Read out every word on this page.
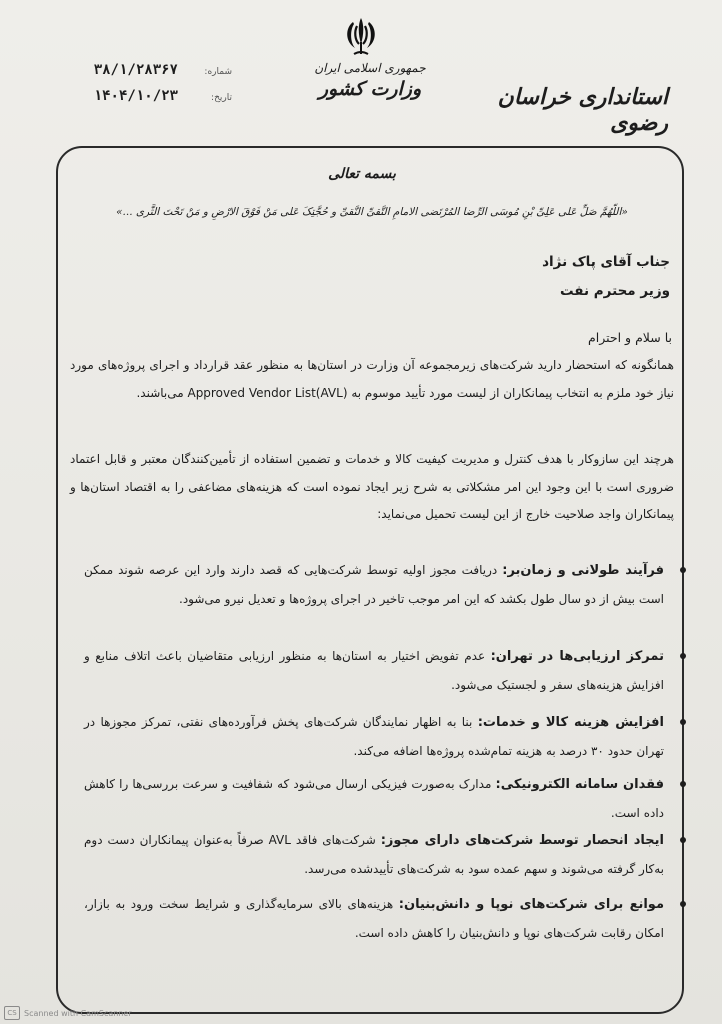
جمهوری اسلامی ایران
وزارت کشور	استانداری خراسان رضوی
شماره:
۳۸/۱/۲۸۳۶۷
تاریخ:
۱۴۰۴/۱۰/۲۳
بسمه تعالی
«اللّهُمَّ صَلِّ عَلی عَلِیِّ بْنِ مُوسَی الرِّضا المُرْتَضی الامامِ التَّقیِّ النَّقیِّ و حُجَّتِکَ عَلی مَنْ فَوْقَ الارْضِ و مَنْ تَحْتَ الثَّری ...»
جناب آقای پاک نژاد
وزیر محترم نفت
با سلام و احترام
همانگونه که استحضار دارید شرکت‌های زیرمجموعه آن وزارت در استان‌ها به منظور عقد قرارداد و اجرای پروژه‌های مورد نیاز خود ملزم به انتخاب پیمانکاران از لیست مورد تأیید موسوم به Approved Vendor List(AVL) می‌باشند.
هرچند این سازوکار با هدف کنترل و مدیریت کیفیت کالا و خدمات و تضمین استفاده از تأمین‌کنندگان معتبر و قابل اعتماد ضروری است با این وجود این امر مشکلاتی به شرح زیر ایجاد نموده است که هزینه‌های مضاعفی را به اقتصاد استان‌ها و پیمانکاران واجد صلاحیت خارج از این لیست تحمیل می‌نماید:
فرآیند طولانی و زمان‌بر: دریافت مجوز اولیه توسط شرکت‌هایی که قصد دارند وارد این عرصه شوند ممکن است بیش از دو سال طول بکشد که این امر موجب تاخیر در اجرای پروژه‌ها و تعدیل نیرو می‌شود.
تمرکز ارزیابی‌ها در تهران: عدم تفویض اختیار به استان‌ها به منظور ارزیابی متقاضیان باعث اتلاف منابع و افزایش هزینه‌های سفر و لجستیک می‌شود.
افزایش هزینه کالا و خدمات: بنا به اظهار نمایندگان شرکت‌های پخش فرآورده‌های نفتی، تمرکز مجوزها در تهران حدود ۳۰ درصد به هزینه تمام‌شده پروژه‌ها اضافه می‌کند.
فقدان سامانه الکترونیکی: مدارک به‌صورت فیزیکی ارسال می‌شود که شفافیت و سرعت بررسی‌ها را کاهش داده است.
ایجاد انحصار توسط شرکت‌های دارای مجوز: شرکت‌های فاقد AVL صرفاً به‌عنوان پیمانکاران دست دوم به‌کار گرفته می‌شوند و سهم عمده سود به شرکت‌های تأییدشده می‌رسد.
موانع برای شرکت‌های نوپا و دانش‌بنیان: هزینه‌های بالای سرمایه‌گذاری و شرایط سخت ورود به بازار، امکان رقابت شرکت‌های نوپا و دانش‌بنیان را کاهش داده است.
CS Scanned with CamScanner
